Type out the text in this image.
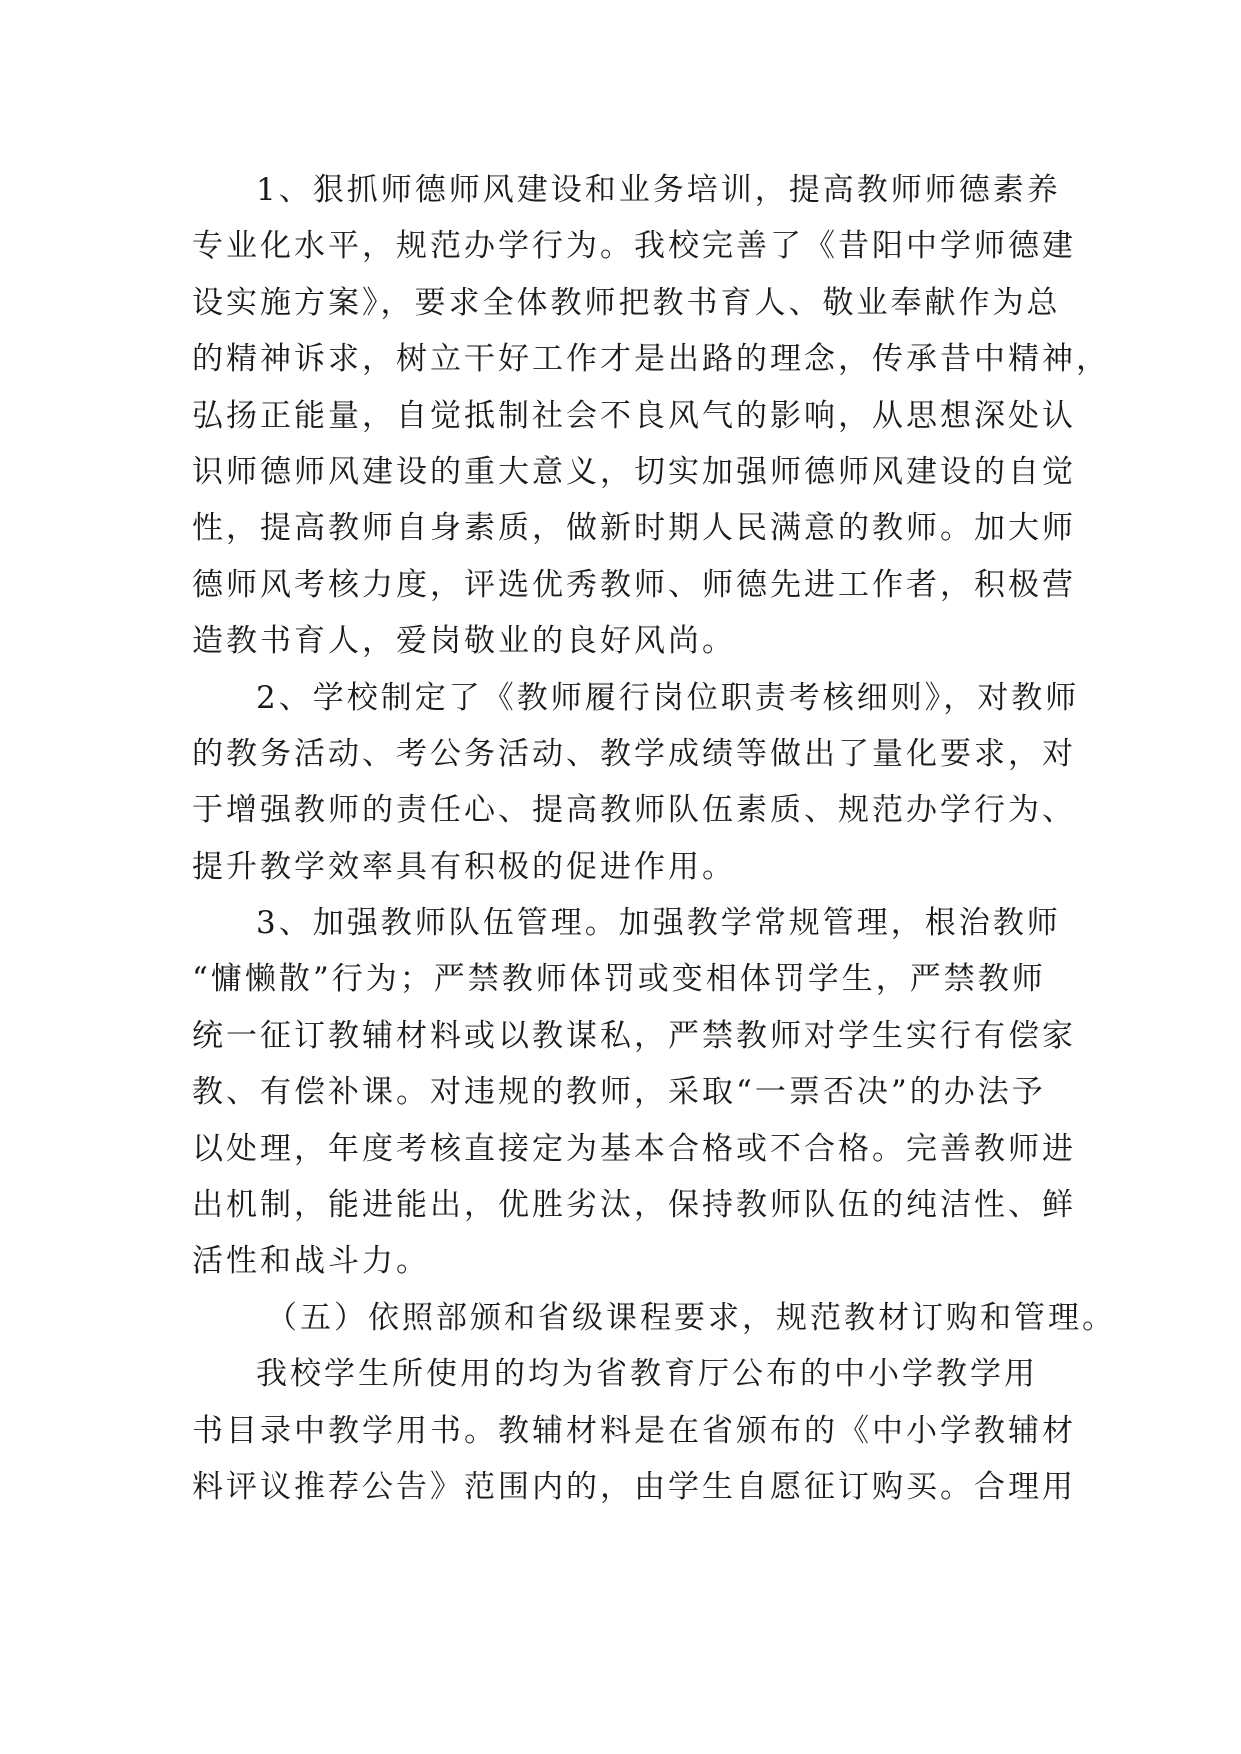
1、狠抓师德师风建设和业务培训，提高教师师德素养
专业化水平，规范办学行为。我校完善了《昔阳中学师德建
设实施方案》，要求全体教师把教书育人、敬业奉献作为总
的精神诉求，树立干好工作才是出路的理念，传承昔中精神，
弘扬正能量，自觉抵制社会不良风气的影响，从思想深处认
识师德师风建设的重大意义，切实加强师德师风建设的自觉
性，提高教师自身素质，做新时期人民满意的教师。加大师
德师风考核力度，评选优秀教师、师德先进工作者，积极营
造教书育人，爱岗敬业的良好风尚。
2、学校制定了《教师履行岗位职责考核细则》，对教师
的教务活动、考公务活动、教学成绩等做出了量化要求，对
于增强教师的责任心、提高教师队伍素质、规范办学行为、
提升教学效率具有积极的促进作用。
3、加强教师队伍管理。加强教学常规管理，根治教师
“慵懒散”行为；严禁教师体罚或变相体罚学生，严禁教师
统一征订教辅材料或以教谋私，严禁教师对学生实行有偿家
教、有偿补课。对违规的教师，采取“一票否决”的办法予
以处理，年度考核直接定为基本合格或不合格。完善教师进
出机制，能进能出，优胜劣汰，保持教师队伍的纯洁性、鲜
活性和战斗力。
（五）依照部颁和省级课程要求，规范教材订购和管理。
我校学生所使用的均为省教育厅公布的中小学教学用
书目录中教学用书。教辅材料是在省颁布的《中小学教辅材
料评议推荐公告》范围内的，由学生自愿征订购买。合理用
